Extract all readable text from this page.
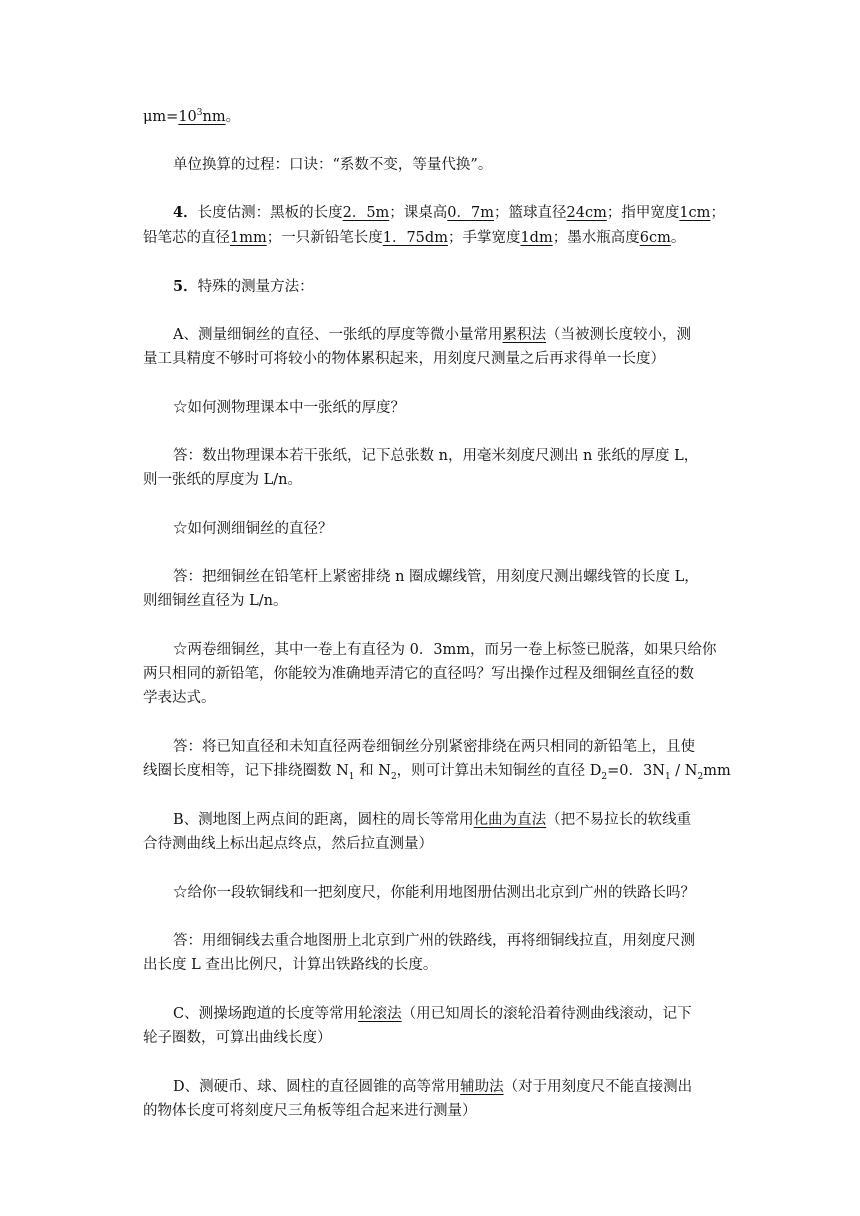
$\mu m=10^3nm$。
单位换算的过程：口诀：“系数不变，等量代换”。
4．长度估测：黑板的长度2．5m；课桌高0．7m；篮球直径24cm；指甲宽度1cm；
铅笔芯的直径1mm；一只新铅笔长度1．75dm；手掌宽度1dm；墨水瓶高度6cm。
5．特殊的测量方法：
A、测量细铜丝的直径、一张纸的厚度等微小量常用累积法（当被测长度较小，测
量工具精度不够时可将较小的物体累积起来，用刻度尺测量之后再求得单一长度）
☆如何测物理课本中一张纸的厚度？
答：数出物理课本若干张纸，记下总张数 n，用毫米刻度尺测出 n 张纸的厚度 L，
则一张纸的厚度为 L/n。
☆如何测细铜丝的直径？
答：把细铜丝在铅笔杆上紧密排绕 n 圈成螺线管，用刻度尺测出螺线管的长度 L，
则细铜丝直径为 L/n。
☆两卷细铜丝，其中一卷上有直径为 0．3mm，而另一卷上标签已脱落，如果只给你
两只相同的新铅笔，你能较为准确地弄清它的直径吗？写出操作过程及细铜丝直径的数
学表达式。
答：将已知直径和未知直径两卷细铜丝分别紧密排绕在两只相同的新铅笔上，且使
线圈长度相等，记下排绕圈数 $N_1$ 和 $N_2$，则可计算出未知铜丝的直径 $D_2=0$．$3N_1 / N_2mm$
B、测地图上两点间的距离，圆柱的周长等常用化曲为直法（把不易拉长的软线重
合待测曲线上标出起点终点，然后拉直测量）
☆给你一段软铜线和一把刻度尺，你能利用地图册估测出北京到广州的铁路长吗？
答：用细铜线去重合地图册上北京到广州的铁路线，再将细铜线拉直，用刻度尺测
出长度 L 查出比例尺，计算出铁路线的长度。
C、测操场跑道的长度等常用轮滚法（用已知周长的滚轮沿着待测曲线滚动，记下
轮子圈数，可算出曲线长度）
D、测硬币、球、圆柱的直径圆锥的高等常用辅助法（对于用刻度尺不能直接测出
的物体长度可将刻度尺三角板等组合起来进行测量）
